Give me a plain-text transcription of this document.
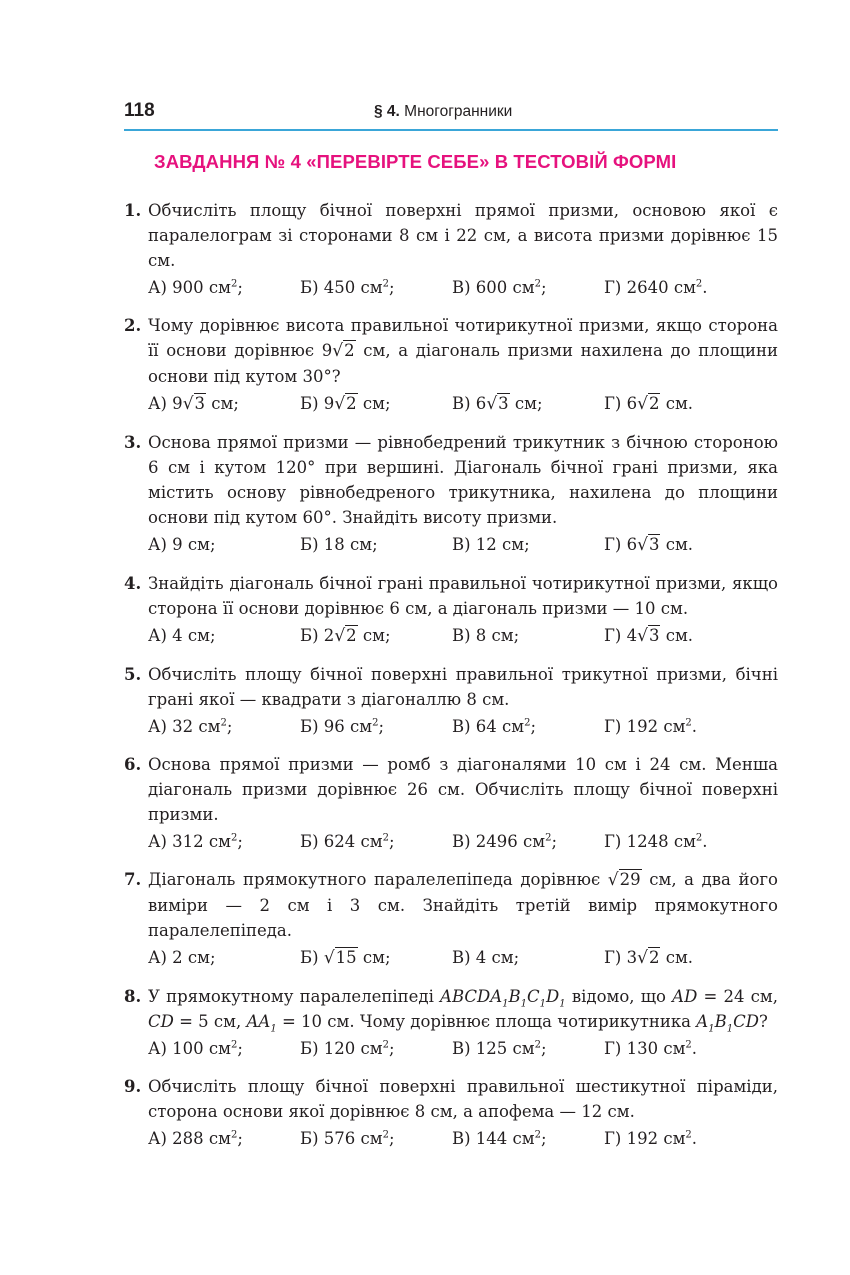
118	§ 4. Многогранники
ЗАВДАННЯ № 4 «ПЕРЕВІРТЕ СЕБЕ» В ТЕСТОВІЙ ФОРМІ
1. Обчисліть площу бічної поверхні прямої призми, основою якої є паралелограм зі сторонами 8 см і 22 см, а висота призми дорівнює 15 см.
А) 900 $см^2$;	Б) 450 $см^2$;	В) 600 $см^2$;	Г) 2640 $см^2$.
2. Чому дорівнює висота правильної чотирикутної призми, якщо сторона її основи дорівнює 9√2 см, а діагональ призми нахилена до площини основи під кутом 30°?
А) 9√3 см;	Б) 9√2 см;	В) 6√3 см;	Г) 6√2 см.
3. Основа прямої призми — рівнобедрений трикутник з бічною стороною 6 см і кутом 120° при вершині. Діагональ бічної грані призми, яка містить основу рівнобедреного трикутника, нахилена до площини основи під кутом 60°. Знайдіть висоту призми.
А) 9 см;	Б) 18 см;	В) 12 см;	Г) 6√3 см.
4. Знайдіть діагональ бічної грані правильної чотирикутної призми, якщо сторона її основи дорівнює 6 см, а діагональ призми — 10 см.
А) 4 см;	Б) 2√2 см;	В) 8 см;	Г) 4√3 см.
5. Обчисліть площу бічної поверхні правильної трикутної призми, бічні грані якої — квадрати з діагоналлю 8 см.
А) 32 $см^2$;	Б) 96 $см^2$;	В) 64 $см^2$;	Г) 192 $см^2$.
6. Основа прямої призми — ромб з діагоналями 10 см і 24 см. Менша діагональ призми дорівнює 26 см. Обчисліть площу бічної поверхні призми.
А) 312 $см^2$;	Б) 624 $см^2$;	В) 2496 $см^2$;	Г) 1248 $см^2$.
7. Діагональ прямокутного паралелепіпеда дорівнює √29 см, а два його виміри — 2 см і 3 см. Знайдіть третій вимір прямокутного паралелепіпеда.
А) 2 см;	Б) √15 см;	В) 4 см;	Г) 3√2 см.
8. У прямокутному паралелепіпеді $ABCDA_1B_1C_1D_1$ відомо, що AD = 24 см, CD = 5 см, $AA_1 = 10$ см. Чому дорівнює площа чотирикутника $A_1B_1CD$?
А) 100 $см^2$;	Б) 120 $см^2$;	В) 125 $см^2$;	Г) 130 $см^2$.
9. Обчисліть площу бічної поверхні правильної шестикутної піраміди, сторона основи якої дорівнює 8 см, а апофема — 12 см.
А) 288 $см^2$;	Б) 576 $см^2$;	В) 144 $см^2$;	Г) 192 $см^2$.
